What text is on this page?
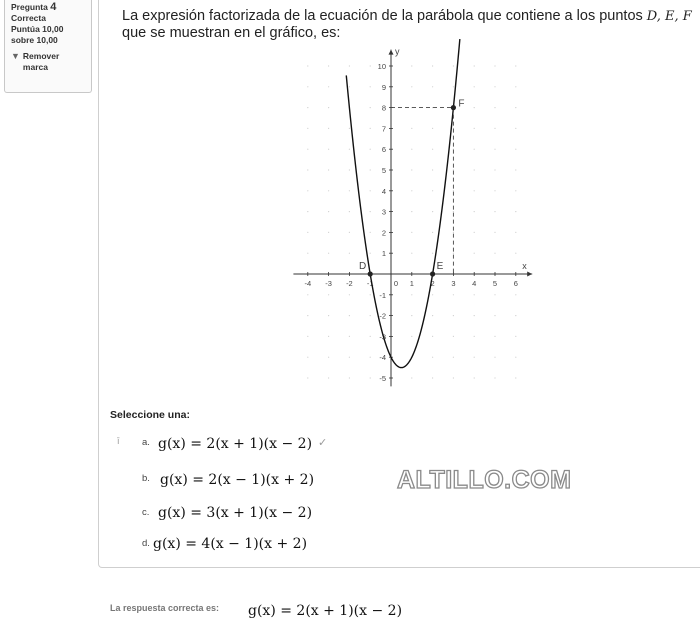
Pregunta 4
Correcta
Puntúa 10,00
sobre 10,00
▼ Remover
marca
La expresión factorizada de la ecuación de la parábola que contiene a los puntos D, E, F
que se muestran en el gráfico, es:
-4 -3 -2 -1	0 1 2 3 4 5 6
-5
-4
-3
-2
-1
1
2
3
4
5
6
7
8
9
10
y
x
D	E
F
Seleccione una:
ī a. g(x) = 2(x + 1)(x − 2) ✓
b. g(x) = 2(x − 1)(x + 2)
c. g(x) = 3(x + 1)(x − 2)
d. g(x) = 4(x − 1)(x + 2)
ALTILLO.COM
La respuesta correcta es: g(x) = 2(x + 1)(x − 2)
